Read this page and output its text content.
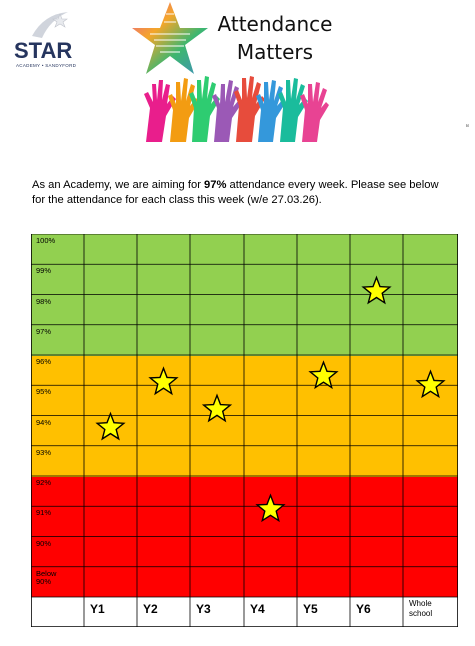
STAR
ACADEMY • SANDYFORD
Attendance
Matters
ʶ
As an Academy, we are aiming for 97% attendance every week. Please see below for the attendance for each class this week (w/e 27.03.26).
100%
99%
98%
97%
96%
95%
94%
93%
92%
91%
90%
Below 90%
Y1	Y2	Y3	Y4	Y5	Y6	Whole school
